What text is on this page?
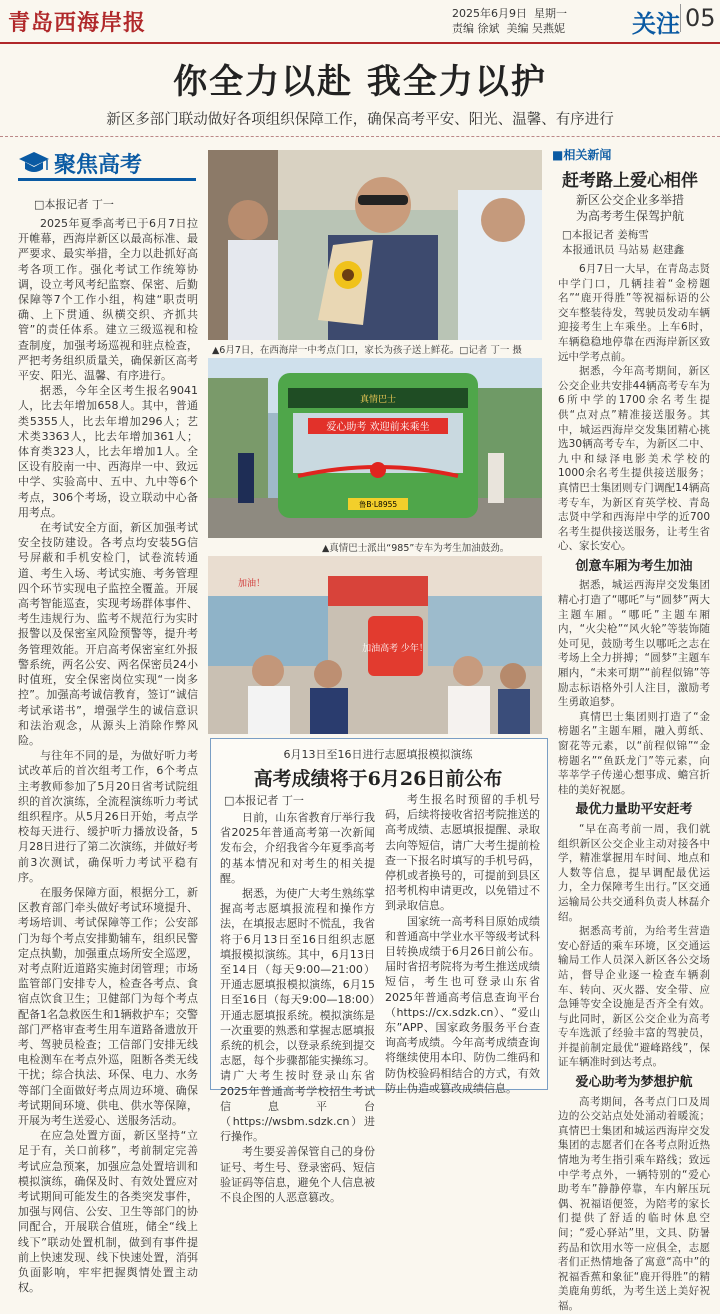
青岛西海岸报	2025年6月9日 星期一
责编 徐斌 美编 吴燕妮	关注 05
你全力以赴 我全力以护
新区多部门联动做好各项组织保障工作，确保高考平安、阳光、温馨、有序进行
聚焦高考
□本报记者 丁一

2025年夏季高考已于6月7日拉开帷幕，西海岸新区以最高标准、最严要求、最实举措，全力以赴抓好高考各项工作。强化考试工作统筹协调，设立考风考纪监察、保密、后勤保障等7个工作小组，构建“职责明确、上下贯通、纵横交织、齐抓共管”的责任体系。建立三级巡视和检查制度，加强考场巡视和驻点检查，严把考务组织质量关，确保新区高考平安、阳光、温馨、有序进行。

据悉，今年全区考生报名9041人，比去年增加658人。其中，普通类5355人，比去年增加296人；艺术类3363人，比去年增加361人；体育类323人，比去年增加1人。全区设有胶南一中、西海岸一中、致远中学、实验高中、五中、九中等6个考点，306个考场，设立联动中心备用考点。

在考试安全方面，新区加强考试安全技防建设。各考点均安装5G信号屏蔽和手机安检门，试卷流转通道、考生入场、考试实施、考务管理四个环节实现电子监控全覆盖。开展高考智能巡查，实现考场群体事件、考生违规行为、监考不规范行为实时报警以及保密室风险预警等，提升考务管理效能。开启高考保密室红外报警系统，两名公安、两名保密员24小时值班，安全保密岗位实现“一岗多控”。加强高考诚信教育，签订“诚信考试承诺书”，增强学生的诚信意识和法治观念，从源头上消除作弊风险。

与往年不同的是，为做好听力考试改革后的首次组考工作，6个考点主考教师参加了5月20日省考试院组织的首次演练，全流程演练听力考试组织程序。从5月26日开始，考点学校每天进行、缓护听力播放设备，5月28日进行了第二次演练，并做好考前3次测试，确保听力考试平稳有序。

在服务保障方面，根据分工，新区教育部门牵头做好考试环境提升、考场培训、考试保障等工作；公安部门为每个考点安排勤辅车，组织民警定点执勤，加强重点场所安全巡逻，对考点附近道路实施封闭管理；市场监管部门安排专人，检查各考点、食宿点饮食卫生；卫健部门为每个考点配备1名急救医生和1辆救护车；交警部门严格审查考生用车道路备遗放开考、驾驶员检查；工信部门安排无线电检测车在考点外巡，阻断各类无线干扰；综合执法、环保、电力、水务等部门全面做好考点周边环境、确保考试期间环境、供电、供水等保障，开展为考生送爱心、送服务活动。

在应急处置方面，新区坚持“立足于有，关口前移”，考前制定完善考试应急预案，加强应急处置培训和模拟演练，确保及时、有效处置应对考试期间可能发生的各类突发事件，加强与网信、公安、卫生等部门的协同配合，开展联合值班，储全“线上线下”联动处置机制，做到有事件提前上快速发现、线下快速处置，消弭负面影响，牢牢把握舆情处置主动权。

▲6月7日，在西海岸一中考点门口，家长为孩子送上鲜花。□记者 丁一 摄
爱心助考 欢迎前来乘坐
真情巴士
鲁B·L8955
▲真情巴士派出“985”专车为考生加油鼓劲。
加油高考 少年！
加油！
6月13日至16日进行志愿填报模拟演练
高考成绩将于6月26日前公布
□本报记者 丁一

日前，山东省教育厅举行我省2025年普通高考第一次新闻发布会，介绍我省今年夏季高考的基本情况和对考生的相关提醒。

据悉，为使广大考生熟练掌握高考志愿填报流程和操作方法，在填报志愿时不慌乱，我省将于6月13日至16日组织志愿填报模拟演练。其中，6月13日至14日（每天9:00—21:00）开通志愿填报模拟演练，6月15日至16日（每天9:00—18:00）开通志愿填报系统。模拟演练是一次重要的熟悉和掌握志愿填报系统的机会，以登录系统到提交志愿，每个步骤都能实操练习。请广大考生按时登录山东省2025年普通高考学校招生考试信息平台（https://wsbm.sdzk.cn）进行操作。

考生要妥善保管自己的身份证号、考生号、登录密码、短信验证码等信息，避免个人信息被不良企图的人恶意篡改。

考生报名时预留的手机号码，后续将接收省招考院推送的高考成绩、志愿填报提醒、录取去向等短信，请广大考生提前检查一下报名时填写的手机号码，停机或者换号的，可提前到县区招考机构申请更改，以免错过不到录取信息。

国家统一高考科目原始成绩和普通高中学业水平等级考试科目转换成绩于6月26日前公布。届时省招考院将为考生推送成绩短信，考生也可登录山东省2025年普通高考信息查询平台（https://cx.sdzk.cn）、“爱山东”APP、国家政务服务平台查询高考成绩。今年高考成绩查询将继续使用本印、防伪二维码和防伪校验码相结合的方式，有效防止伪造或篡改成绩信息。

■相关新闻
赶考路上爱心相伴
新区公交企业多举措
为高考考生保驾护航
□本报记者 姜梅雪
本报通讯员 马站易 赵建鑫

6月7日一大早，在青岛志贤中学门口，几辆挂着“金榜题名”“鹿开得胜”等祝福标语的公交车整装待发，驾驶员发动车辆迎接考生上车乘坐。上车6时，车辆稳稳地停靠在西海岸新区致远中学考点前。

据悉，今年高考期间，新区公交企业共安排44辆高考专车为6所中学的1700余名考生提供“点对点”精准接送服务。其中，城运西海岸交发集团精心挑选30辆高考专车，为新区二中、九中和绿泽电影美术学校的1000余名考生提供接送服务；真情巴士集团则专门调配14辆高考专车，为新区育英学校、青岛志贤中学和西海岸中学的近700名考生提供接送服务，让考生省心、家长安心。

创意车厢为考生加油

据悉，城运西海岸交发集团精心打造了“哪吒”与“圆梦”两大主题车厢。“哪吒”主题车厢内，“火尖枪”“风火轮”等装饰随处可见，鼓励考生以哪吒之志在考场上全力拼搏；“圆梦”主题车厢内，“未来可期”“前程似锦”等励志标语格外引人注目，激励考生勇敢追梦。

真情巴士集团则打造了“金榜题名”主题车厢，融入剪纸、窗花等元素，以“前程似锦”“金榜题名”“鱼跃龙门”等元素，向莘莘学子传递心想事成、蟾宫折桂的美好祝愿。

最优力量助平安赶考

“早在高考前一周，我们就组织新区公交企业主动对接各中学，精准掌握用车时间、地点和人数等信息，提早调配最优运力，全力保障考生出行。”区交通运输局公共交通科负责人林磊介绍。

据悉高考前，为给考生营造安心舒适的乘车环境，区交通运输局工作人员深入新区各公交场站，督导企业逐一检查车辆刹车、转向、灭火器、安全带、应急锤等安全设施是否齐全有效。与此同时，新区公交企业为高考专车选派了经验丰富的驾驶员，并提前制定最优“避峰路线”，保证车辆准时到达考点。

爱心助考为梦想护航

高考期间，各考点门口及周边的公交站点处处涌动着暖流；真情巴士集团和城运西海岸交发集团的志愿者们在各考点附近热情地为考生指引乘车路线；致远中学考点外，一辆特别的“爱心助考车”静静停靠，车内解压玩偶、祝福语便签，为陪考的家长们提供了舒适的临时休息空间；“爱心驿站”里，文具、防暑药品和饮用水等一应俱全，志愿者们正热情地备了寓意“高中”的祝福香蕉和象征“鹿开得胜”的精美鹿角剪纸，为考生送上美好祝福。
